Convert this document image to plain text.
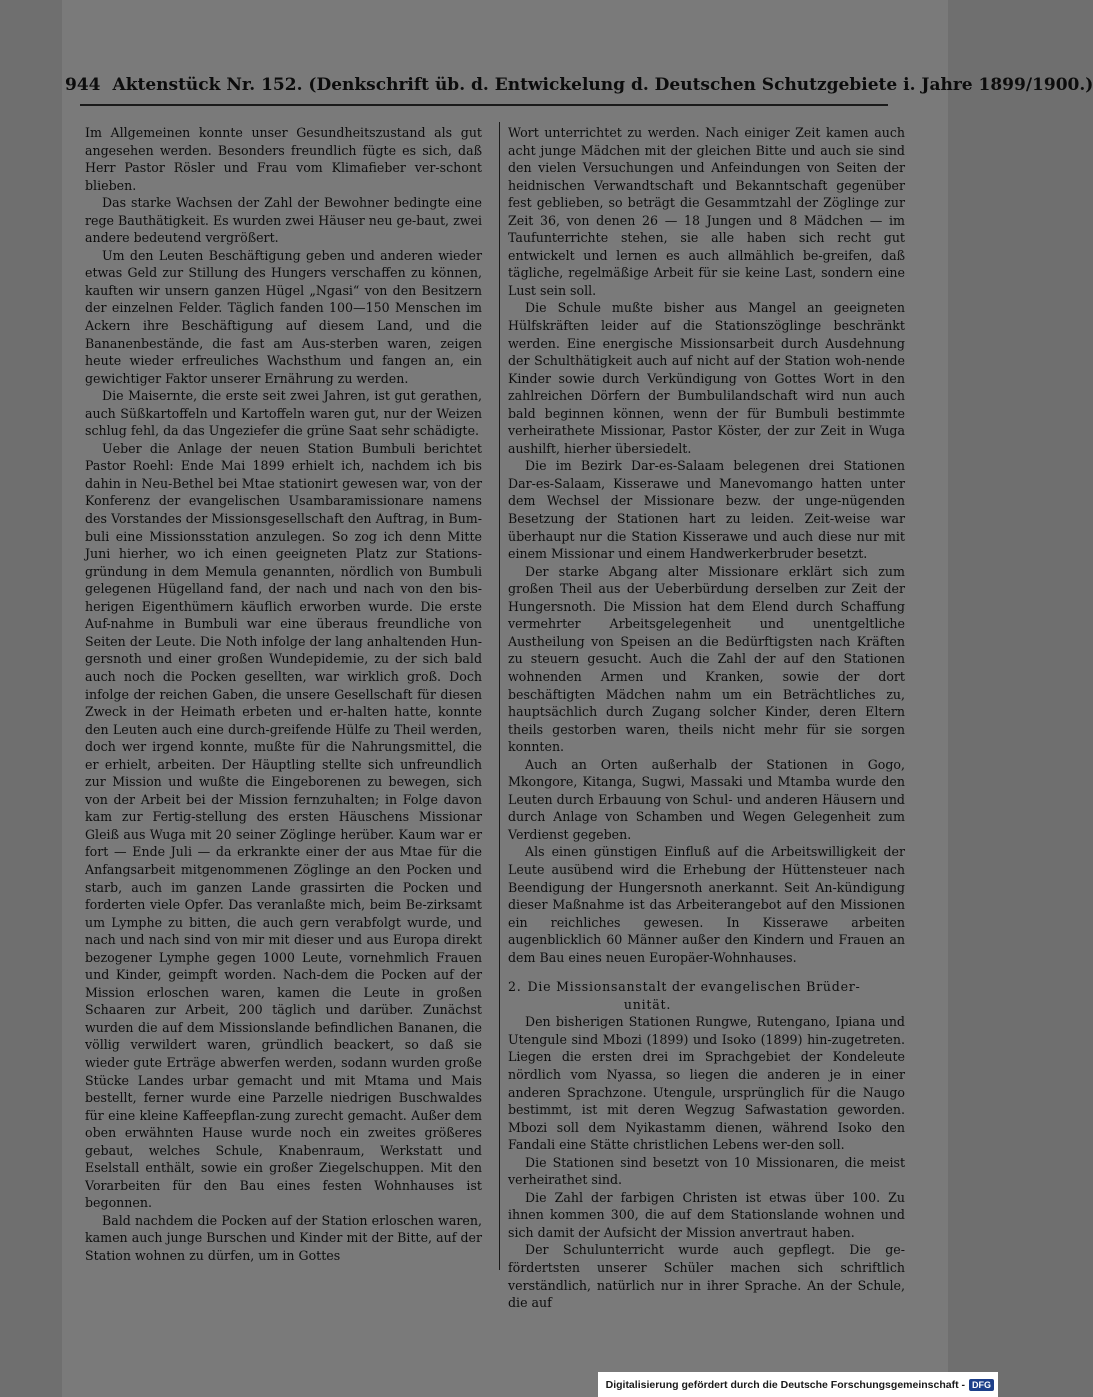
944 Aktenstück Nr. 152. (Denkschrift üb. d. Entwickelung d. Deutschen Schutzgebiete i. Jahre 1899/1900.)

Im Allgemeinen konnte unser Gesundheitszustand als gut angesehen werden. Besonders freundlich fügte es sich, daß Herr Pastor Rösler und Frau vom Klimafieber ver-schont blieben.

Das starke Wachsen der Zahl der Bewohner bedingte eine rege Bauthätigkeit. Es wurden zwei Häuser neu ge-baut, zwei andere bedeutend vergrößert.

Um den Leuten Beschäftigung geben und anderen wieder etwas Geld zur Stillung des Hungers verschaffen zu können, kauften wir unsern ganzen Hügel „Ngasi“ von den Besitzern der einzelnen Felder. Täglich fanden 100—150 Menschen im Ackern ihre Beschäftigung auf diesem Land, und die Bananenbestände, die fast am Aus-sterben waren, zeigen heute wieder erfreuliches Wachsthum und fangen an, ein gewichtiger Faktor unserer Ernährung zu werden.

Die Maisernte, die erste seit zwei Jahren, ist gut gerathen, auch Süßkartoffeln und Kartoffeln waren gut, nur der Weizen schlug fehl, da das Ungeziefer die grüne Saat sehr schädigte.

Ueber die Anlage der neuen Station Bumbuli berichtet Pastor Roehl: Ende Mai 1899 erhielt ich, nachdem ich bis dahin in Neu-Bethel bei Mtae stationirt gewesen war, von der Konferenz der evangelischen Usambaramissionare namens des Vorstandes der Missionsgesellschaft den Auftrag, in Bum-buli eine Missionsstation anzulegen. So zog ich denn Mitte Juni hierher, wo ich einen geeigneten Platz zur Stations-gründung in dem Memula genannten, nördlich von Bumbuli gelegenen Hügelland fand, der nach und nach von den bis-herigen Eigenthümern käuflich erworben wurde. Die erste Auf-nahme in Bumbuli war eine überaus freundliche von Seiten der Leute. Die Noth infolge der lang anhaltenden Hun-gersnoth und einer großen Wundepidemie, zu der sich bald auch noch die Pocken gesellten, war wirklich groß. Doch infolge der reichen Gaben, die unsere Gesellschaft für diesen Zweck in der Heimath erbeten und er-halten hatte, konnte den Leuten auch eine durch-greifende Hülfe zu Theil werden, doch wer irgend konnte, mußte für die Nahrungsmittel, die er erhielt, arbeiten. Der Häuptling stellte sich unfreundlich zur Mission und wußte die Eingeborenen zu bewegen, sich von der Arbeit bei der Mission fernzuhalten; in Folge davon kam zur Fertig-stellung des ersten Häuschens Missionar Gleiß aus Wuga mit 20 seiner Zöglinge herüber. Kaum war er fort — Ende Juli — da erkrankte einer der aus Mtae für die Anfangsarbeit mitgenommenen Zöglinge an den Pocken und starb, auch im ganzen Lande grassirten die Pocken und forderten viele Opfer. Das veranlaßte mich, beim Be-zirksamt um Lymphe zu bitten, die auch gern verabfolgt wurde, und nach und nach sind von mir mit dieser und aus Europa direkt bezogener Lymphe gegen 1000 Leute, vornehmlich Frauen und Kinder, geimpft worden. Nach-dem die Pocken auf der Mission erloschen waren, kamen die Leute in großen Schaaren zur Arbeit, 200 täglich und darüber. Zunächst wurden die auf dem Missionslande befindlichen Bananen, die völlig verwildert waren, gründlich beackert, so daß sie wieder gute Erträge abwerfen werden, sodann wurden große Stücke Landes urbar gemacht und mit Mtama und Mais bestellt, ferner wurde eine Parzelle niedrigen Buschwaldes für eine kleine Kaffeepflan-zung zurecht gemacht. Außer dem oben erwähnten Hause wurde noch ein zweites größeres gebaut, welches Schule, Knabenraum, Werkstatt und Eselstall enthält, sowie ein großer Ziegelschuppen. Mit den Vorarbeiten für den Bau eines festen Wohnhauses ist begonnen.

Bald nachdem die Pocken auf der Station erloschen waren, kamen auch junge Burschen und Kinder mit der Bitte, auf der Station wohnen zu dürfen, um in Gottes

Wort unterrichtet zu werden. Nach einiger Zeit kamen auch acht junge Mädchen mit der gleichen Bitte und auch sie sind den vielen Versuchungen und Anfeindungen von Seiten der heidnischen Verwandtschaft und Bekanntschaft gegenüber fest geblieben, so beträgt die Gesammtzahl der Zöglinge zur Zeit 36, von denen 26 — 18 Jungen und 8 Mädchen — im Taufunterrichte stehen, sie alle haben sich recht gut entwickelt und lernen es auch allmählich be-greifen, daß tägliche, regelmäßige Arbeit für sie keine Last, sondern eine Lust sein soll.

Die Schule mußte bisher aus Mangel an geeigneten Hülfskräften leider auf die Stationszöglinge beschränkt werden. Eine energische Missionsarbeit durch Ausdehnung der Schulthätigkeit auch auf nicht auf der Station woh-nende Kinder sowie durch Verkündigung von Gottes Wort in den zahlreichen Dörfern der Bumbulilandschaft wird nun auch bald beginnen können, wenn der für Bumbuli bestimmte verheirathete Missionar, Pastor Köster, der zur Zeit in Wuga aushilft, hierher übersiedelt.

Die im Bezirk Dar-es-Salaam belegenen drei Stationen Dar-es-Salaam, Kisserawe und Manevomango hatten unter dem Wechsel der Missionare bezw. der unge-nügenden Besetzung der Stationen hart zu leiden. Zeit-weise war überhaupt nur die Station Kisserawe und auch diese nur mit einem Missionar und einem Handwerkerbruder besetzt.

Der starke Abgang alter Missionare erklärt sich zum großen Theil aus der Ueberbürdung derselben zur Zeit der Hungersnoth. Die Mission hat dem Elend durch Schaffung vermehrter Arbeitsgelegenheit und unentgeltliche Austheilung von Speisen an die Bedürftigsten nach Kräften zu steuern gesucht. Auch die Zahl der auf den Stationen wohnenden Armen und Kranken, sowie der dort beschäftigten Mädchen nahm um ein Beträchtliches zu, hauptsächlich durch Zugang solcher Kinder, deren Eltern theils gestorben waren, theils nicht mehr für sie sorgen konnten.

Auch an Orten außerhalb der Stationen in Gogo, Mkongore, Kitanga, Sugwi, Massaki und Mtamba wurde den Leuten durch Erbauung von Schul- und anderen Häusern und durch Anlage von Schamben und Wegen Gelegenheit zum Verdienst gegeben.

Als einen günstigen Einfluß auf die Arbeitswilligkeit der Leute ausübend wird die Erhebung der Hüttensteuer nach Beendigung der Hungersnoth anerkannt. Seit An-kündigung dieser Maßnahme ist das Arbeiterangebot auf den Missionen ein reichliches gewesen. In Kisserawe arbeiten augenblicklich 60 Männer außer den Kindern und Frauen an dem Bau eines neuen Europäer-Wohnhauses.

2. Die Missionsanstalt der evangelischen Brüder-
unität.

Den bisherigen Stationen Rungwe, Rutengano, Ipiana und Utengule sind Mbozi (1899) und Isoko (1899) hin-zugetreten. Liegen die ersten drei im Sprachgebiet der Kondeleute nördlich vom Nyassa, so liegen die anderen je in einer anderen Sprachzone. Utengule, ursprünglich für die Naugo bestimmt, ist mit deren Wegzug Safwastation geworden. Mbozi soll dem Nyikastamm dienen, während Isoko den Fandali eine Stätte christlichen Lebens wer-den soll.

Die Stationen sind besetzt von 10 Missionaren, die meist verheirathet sind.

Die Zahl der farbigen Christen ist etwas über 100. Zu ihnen kommen 300, die auf dem Stationslande wohnen und sich damit der Aufsicht der Mission anvertraut haben.

Der Schulunterricht wurde auch gepflegt. Die ge-fördertsten unserer Schüler machen sich schriftlich verständlich, natürlich nur in ihrer Sprache. An der Schule, die auf

Digitalisierung gefördert durch die Deutsche Forschungsgemeinschaft - DFG
